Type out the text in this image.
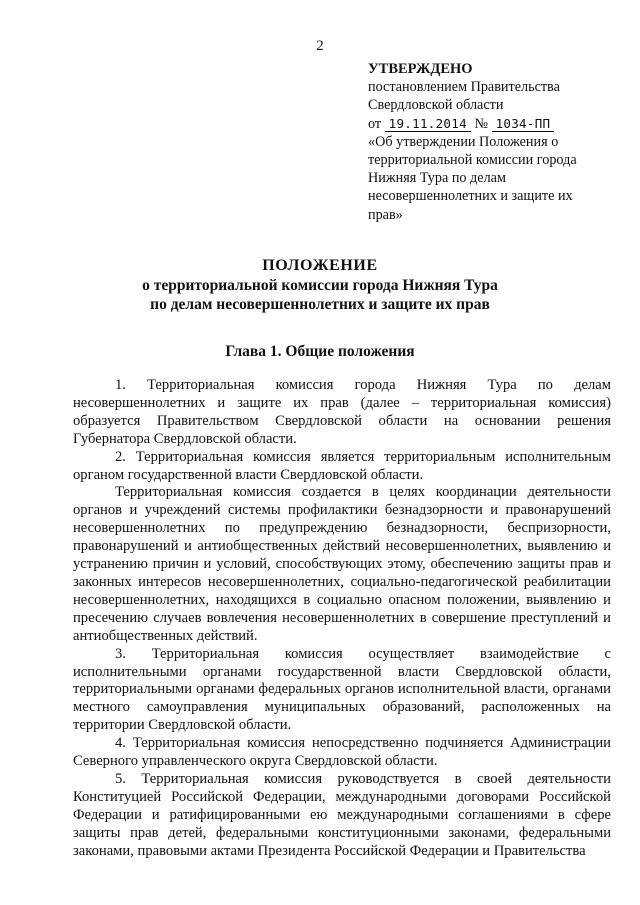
2
УТВЕРЖДЕНО
постановлением Правительства
Свердловской области
от 19.11.2014 № 1034-ПП
«Об утверждении Положения о
территориальной комиссии города
Нижняя Тура по делам
несовершеннолетних и защите их
прав»
ПОЛОЖЕНИЕ
о территориальной комиссии города Нижняя Тура
по делам несовершеннолетних и защите их прав
Глава 1. Общие положения

1. Территориальная комиссия города Нижняя Тура по делам несовершеннолетних и защите их прав (далее – территориальная комиссия) образуется Правительством Свердловской области на основании решения Губернатора Свердловской области.

2. Территориальная комиссия является территориальным исполнительным органом государственной власти Свердловской области.

Территориальная комиссия создается в целях координации деятельности органов и учреждений системы профилактики безнадзорности и правонарушений несовершеннолетних по предупреждению безнадзорности, беспризорности, правонарушений и антиобщественных действий несовершеннолетних, выявлению и устранению причин и условий, способствующих этому, обеспечению защиты прав и законных интересов несовершеннолетних, социально-педагогической реабилитации несовершеннолетних, находящихся в социально опасном положении, выявлению и пресечению случаев вовлечения несовершеннолетних в совершение преступлений и антиобщественных действий.

3. Территориальная комиссия осуществляет взаимодействие с исполнительными органами государственной власти Свердловской области, территориальными органами федеральных органов исполнительной власти, органами местного самоуправления муниципальных образований, расположенных на территории Свердловской области.

4. Территориальная комиссия непосредственно подчиняется Администрации Северного управленческого округа Свердловской области.

5. Территориальная комиссия руководствуется в своей деятельности Конституцией Российской Федерации, международными договорами Российской Федерации и ратифицированными ею международными соглашениями в сфере защиты прав детей, федеральными конституционными законами, федеральными законами, правовыми актами Президента Российской Федерации и Правительства
